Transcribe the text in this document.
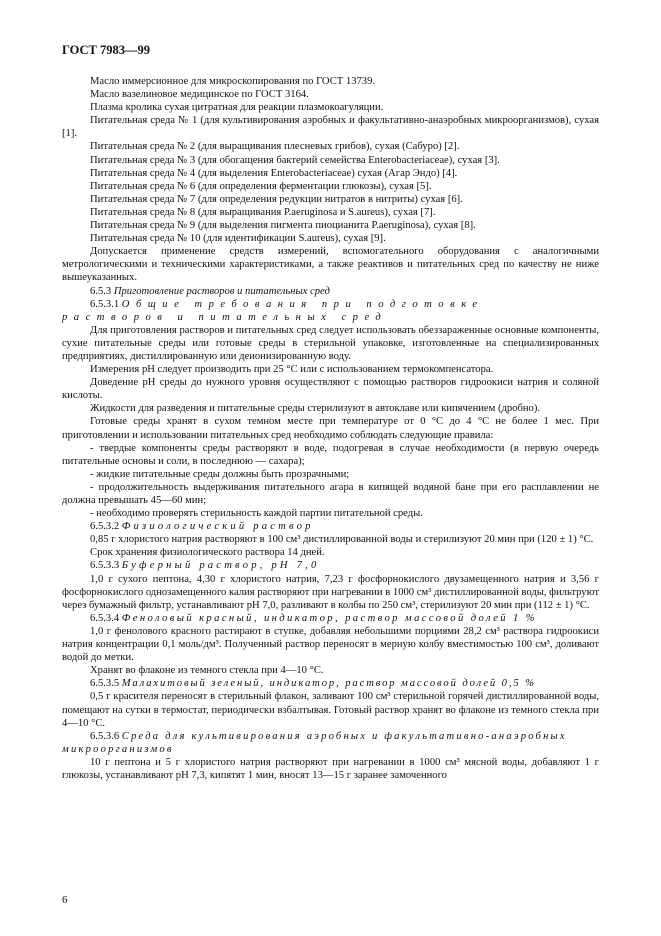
ГОСТ 7983—99

Масло иммерсионное для микроскопирования по ГОСТ 13739.

Масло вазелиновое медицинское по ГОСТ 3164.

Плазма кролика сухая цитратная для реакции плазмокоагуляции.

Питательная среда № 1 (для культивирования аэробных и факультативно-анаэробных микроорганизмов), сухая [1].

Питательная среда № 2 (для выращивания плесневых грибов), сухая (Сабуро) [2].

Питательная среда № 3 (для обогащения бактерий семейства Enterobacteriaceae), сухая [3].

Питательная среда № 4 (для выделения Enterobacteriaceae) сухая (Агар Эндо) [4].

Питательная среда № 6 (для определения ферментации глюкозы), сухая [5].

Питательная среда № 7 (для определения редукции нитратов в нитриты) сухая [6].

Питательная среда № 8 (для выращивания P.aeruginosa и S.aureus), сухая [7].

Питательная среда № 9 (для выделения пигмента пиоцианита P.aeruginosa), сухая [8].

Питательная среда № 10 (для идентификации S.aureus), сухая [9].

Допускается применение средств измерений, вспомогательного оборудования с аналогичными метрологическими и техническими характеристиками, а также реактивов и питательных сред по качеству не ниже вышеуказанных.

6.5.3 Приготовление растворов и питательных сред

6.5.3.1 Общие требования при подготовке растворов и питательных сред

Для приготовления растворов и питательных сред следует использовать обеззараженные основные компоненты, сухие питательные среды или готовые среды в стерильной упаковке, изготовленные на специализированных предприятиях, дистиллированную или деионизированную воду.

Измерения pH следует производить при 25 °С или с использованием термокомпенсатора.

Доведение pH среды до нужного уровня осуществляют с помощью растворов гидроокиси натрия и соляной кислоты.

Жидкости для разведения и питательные среды стерилизуют в автоклаве или кипячением (дробно).

Готовые среды хранят в сухом темном месте при температуре от 0 °С до 4 °С не более 1 мес. При приготовлении и использовании питательных сред необходимо соблюдать следующие правила:

- твердые компоненты среды растворяют в воде, подогревая в случае необходимости (в первую очередь питательные основы и соли, в последнюю — сахара);

- жидкие питательные среды должны быть прозрачными;

- продолжительность выдерживания питательного агара в кипящей водяной бане при его расплавлении не должна превышать 45—60 мин;

- необходимо проверять стерильность каждой партии питательной среды.

6.5.3.2 Физиологический раствор

0,85 г хлористого натрия растворяют в 100 см³ дистиллированной воды и стерилизуют 20 мин при (120 ± 1) °С.

Срок хранения физиологического раствора 14 дней.

6.5.3.3 Буферный раствор, pH 7,0

1,0 г сухого пептона, 4,30 г хлористого натрия, 7,23 г фосфорнокислого двузамещенного натрия и 3,56 г фосфорнокислого однозамещенного калия растворяют при нагревании в 1000 см³ дистиллированной воды, фильтруют через бумажный фильтр, устанавливают pH 7,0, разливают в колбы по 250 см³, стерилизуют 20 мин при (112 ± 1) °С.

6.5.3.4 Феноловый красный, индикатор, раствор массовой долей 1 %

1,0 г фенолового красного растирают в ступке, добавляя небольшими порциями 28,2 см³ раствора гидроокиси натрия концентрации 0,1 моль/дм³. Полученный раствор переносят в мерную колбу вместимостью 100 см³, доливают водой до метки.

Хранят во флаконе из темного стекла при 4—10 °С.

6.5.3.5 Малахитовый зеленый, индикатор, раствор массовой долей 0,5 %

0,5 г красителя переносят в стерильный флакон, заливают 100 см³ стерильной горячей дистиллированной воды, помещают на сутки в термостат, периодически взбалтывая. Готовый раствор хранят во флаконе из темного стекла при 4—10 °С.

6.5.3.6 Среда для культивирования аэробных и факультативно-анаэробных микроорганизмов

10 г пептона и 5 г хлористого натрия растворяют при нагревании в 1000 см³ мясной воды, добавляют 1 г глюкозы, устанавливают pH 7,3, кипятят 1 мин, вносят 13—15 г заранее замоченного

6
